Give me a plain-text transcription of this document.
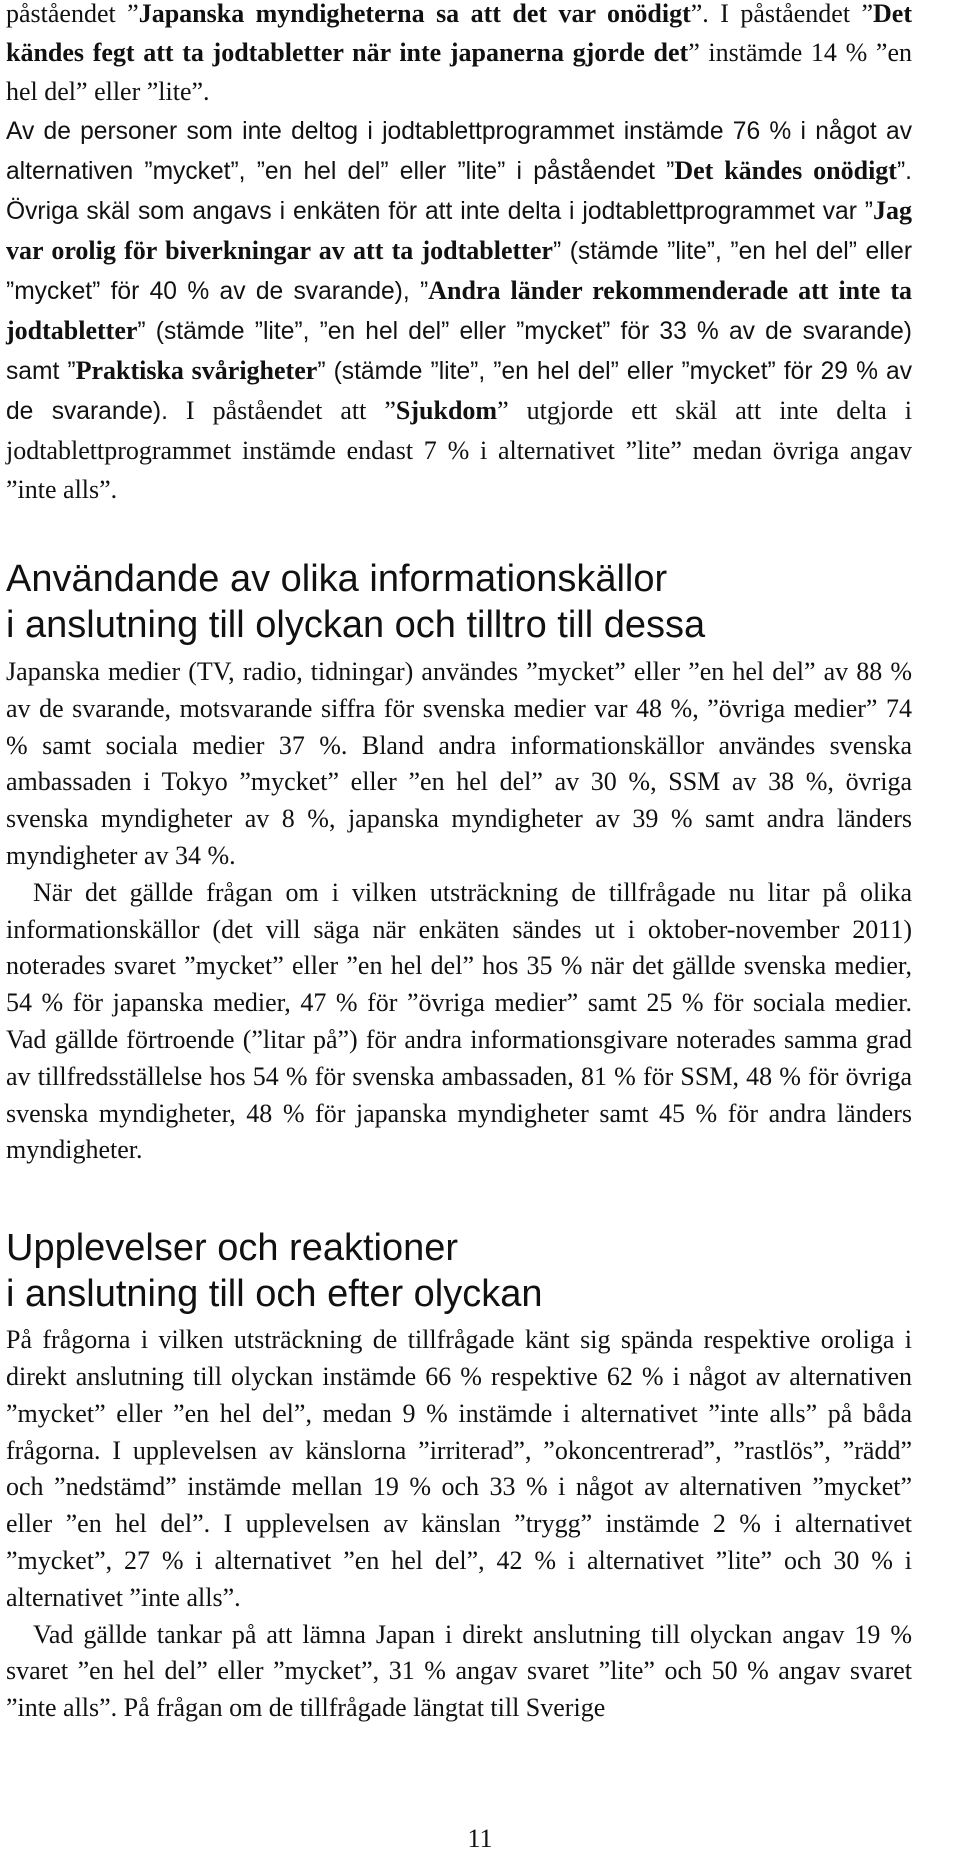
påståendet ”Japanska myndigheterna sa att det var onödigt”. I påståendet ”Det kändes fegt att ta jodtabletter när inte japanerna gjorde det” instämde 14 % ”en hel del” eller ”lite”.

Av de personer som inte deltog i jodtablettprogrammet instämde 76 % i något av alternativen ”mycket”, ”en hel del” eller ”lite” i påståendet ”Det kändes onödigt”. Övriga skäl som angavs i enkäten för att inte delta i jodtablettprogrammet var ”Jag var orolig för biverkningar av att ta jodtabletter” (stämde ”lite”, ”en hel del” eller ”mycket” för 40 % av de svarande), ”Andra länder rekommenderade att inte ta jodtabletter” (stämde ”lite”, ”en hel del” eller ”mycket” för 33 % av de svarande) samt ”Praktiska svårigheter” (stämde ”lite”, ”en hel del” eller ”mycket” för 29 % av de svarande). I påståendet att ”Sjukdom” utgjorde ett skäl att inte delta i jodtablettprogrammet instämde endast 7 % i alternativet ”lite” medan övriga angav ”inte alls”.

Användande av olika informationskällor
i anslutning till olyckan och tilltro till dessa

Japanska medier (TV, radio, tidningar) användes ”mycket” eller ”en hel del” av 88 % av de svarande, motsvarande siffra för svenska medier var 48 %, ”övriga medier” 74 % samt sociala medier 37 %. Bland andra informationskällor användes svenska ambassaden i Tokyo ”mycket” eller ”en hel del” av 30 %, SSM av 38 %, övriga svenska myndigheter av 8 %, japanska myndigheter av 39 % samt andra länders myndigheter av 34 %.

När det gällde frågan om i vilken utsträckning de tillfrågade nu litar på olika informationskällor (det vill säga när enkäten sändes ut i oktober-november 2011) noterades svaret ”mycket” eller ”en hel del” hos 35 % när det gällde svenska medier, 54 % för japanska medier, 47 % för ”övriga medier” samt 25 % för sociala medier. Vad gällde förtroende (”litar på”) för andra informationsgivare noterades samma grad av tillfredsställelse hos 54 % för svenska ambassaden, 81 % för SSM, 48 % för övriga svenska myndigheter, 48 % för japanska myndigheter samt 45 % för andra länders myndigheter.

Upplevelser och reaktioner
i anslutning till och efter olyckan

På frågorna i vilken utsträckning de tillfrågade känt sig spända respektive oroliga i direkt anslutning till olyckan instämde 66 % respektive 62 % i något av alternativen ”mycket” eller ”en hel del”, medan 9 % instämde i alternativet ”inte alls” på båda frågorna. I upplevelsen av känslorna ”irriterad”, ”okoncentrerad”, ”rastlös”, ”rädd” och ”nedstämd” instämde mellan 19 % och 33 % i något av alternativen ”mycket” eller ”en hel del”. I upplevelsen av känslan ”trygg” instämde 2 % i alternativet ”mycket”, 27 % i alternativet ”en hel del”, 42 % i alternativet ”lite” och 30 % i alternativet ”inte alls”.

Vad gällde tankar på att lämna Japan i direkt anslutning till olyckan angav 19 % svaret ”en hel del” eller ”mycket”, 31 % angav svaret ”lite” och 50 % angav svaret ”inte alls”. På frågan om de tillfrågade längtat till Sverige

11
